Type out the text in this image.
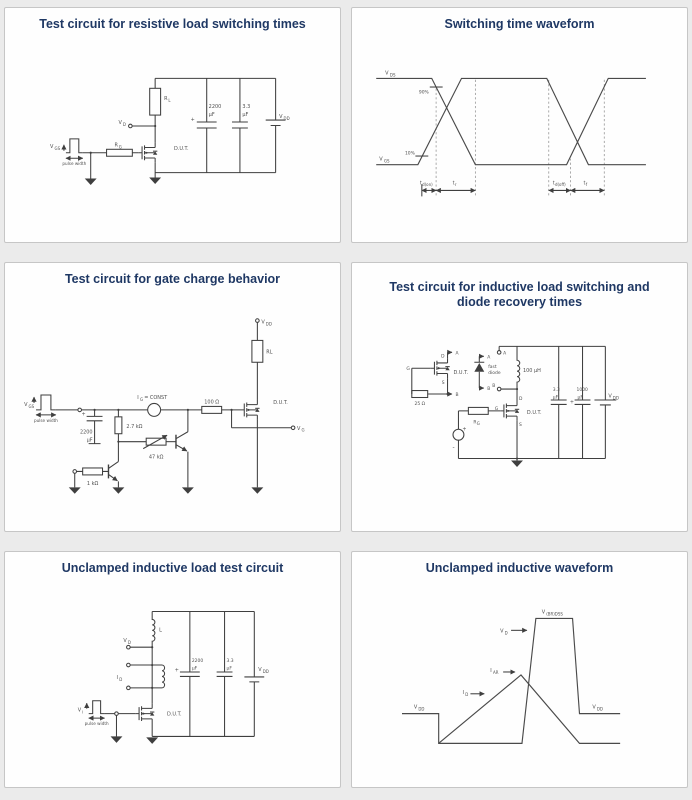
Test circuit for resistive load switching times
R L
V D
D.U.T.
R G
pulse width
V GS
+
2200
µF
3.3
µF	V DD
Switching time waveform
90%
10%
t d(on)	t r	t d(off)	t f
V DS
V GS
Test circuit for gate charge behavior
V GS
pulse width
I G = CONST
100 Ω
V G
+
2200
µF
2.7 kΩ
47 kΩ
1 kΩ
D.U.T.
RL
V DD
Test circuit for inductive load switching and
diode recovery times
D
S
G
D.U.T.
A
B
25 Ω
A
B
fast
diode
A
B
100 µH
D
G
S
D.U.T.
R G
+
-
3.3
µF
1000
µF
+
V DD
Unclamped inductive load test circuit
L
V D
I D
D.U.T.
pulse width
V i
+
2200
µF
3.3
µF	V DD
Unclamped inductive waveform
V DD	V DD
V (BR)DSS
V D
I AR
I D
